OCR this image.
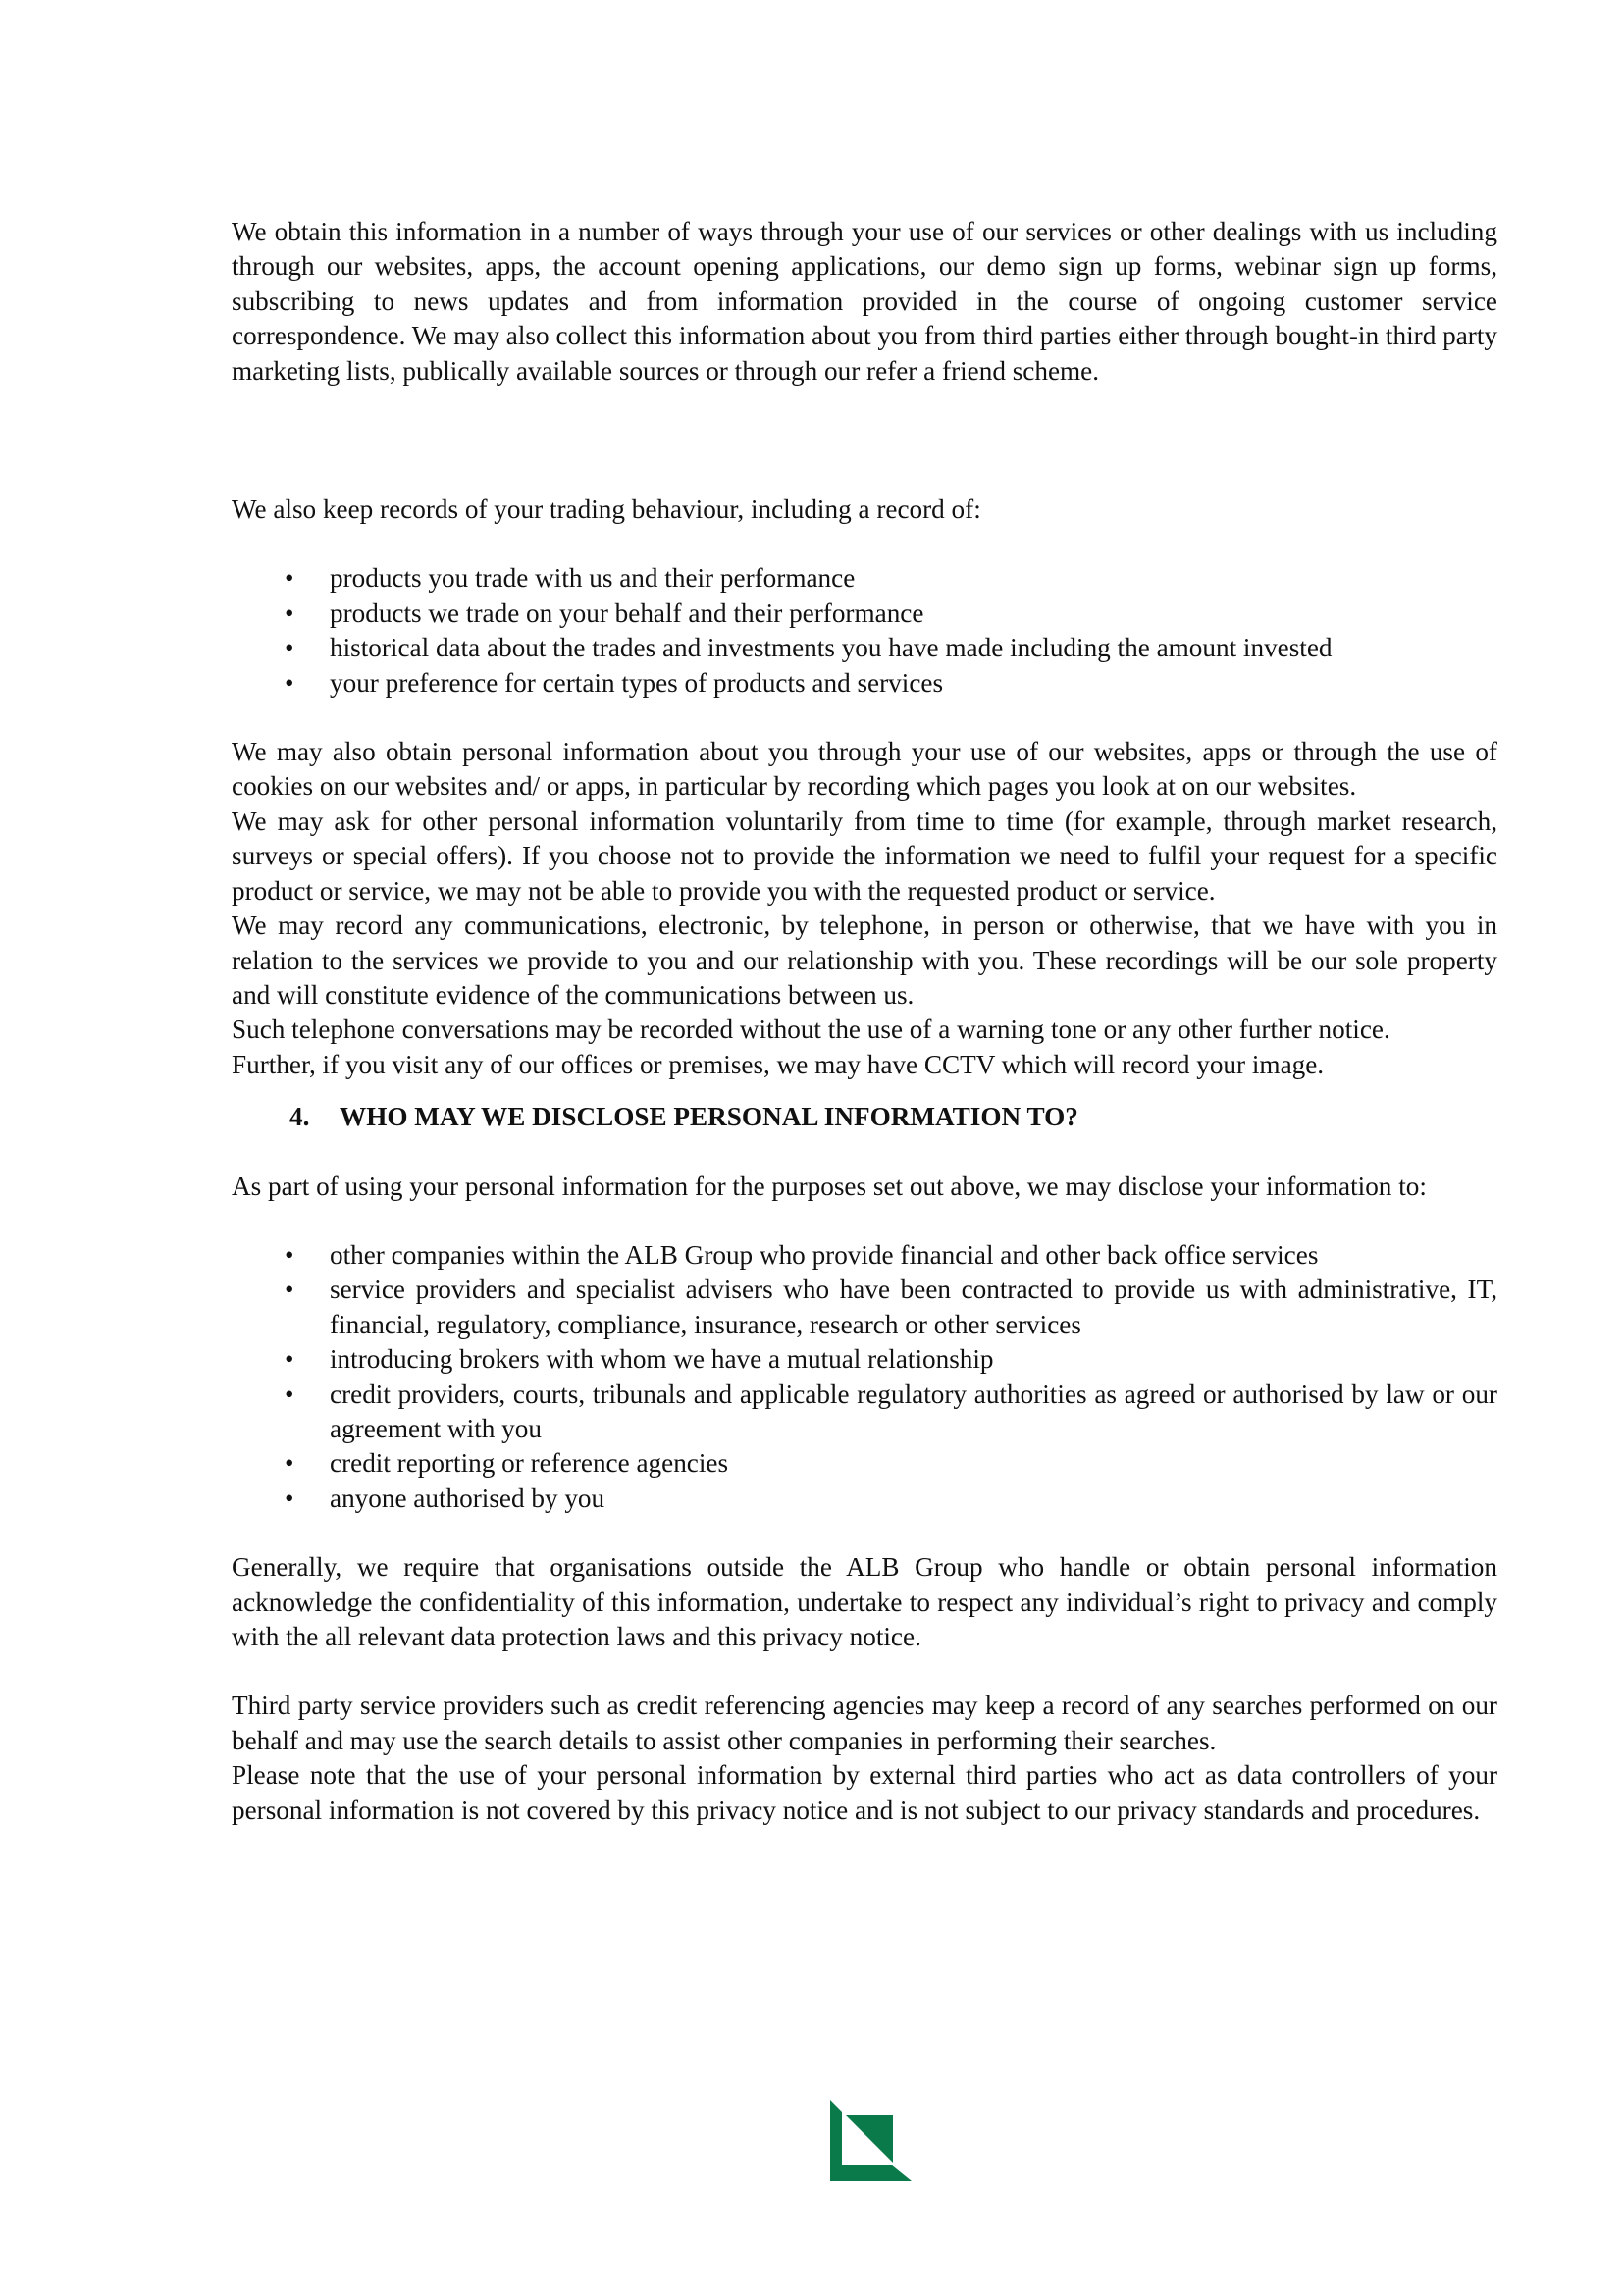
We obtain this information in a number of ways through your use of our services or other dealings with us including through our websites, apps, the account opening applications, our demo sign up forms, webinar sign up forms, subscribing to news updates and from information provided in the course of ongoing customer service correspondence. We may also collect this information about you from third parties either through bought-in third party marketing lists, publically available sources or through our refer a friend scheme.

We also keep records of your trading behaviour, including a record of:

• products you trade with us and their performance
• products we trade on your behalf and their performance
• historical data about the trades and investments you have made including the amount invested
• your preference for certain types of products and services

We may also obtain personal information about you through your use of our websites, apps or through the use of cookies on our websites and/ or apps, in particular by recording which pages you look at on our websites.

We may ask for other personal information voluntarily from time to time (for example, through market research, surveys or special offers). If you choose not to provide the information we need to fulfil your request for a specific product or service, we may not be able to provide you with the requested product or service.

We may record any communications, electronic, by telephone, in person or otherwise, that we have with you in relation to the services we provide to you and our relationship with you. These recordings will be our sole property and will constitute evidence of the communications between us.

Such telephone conversations may be recorded without the use of a warning tone or any other further notice.

Further, if you visit any of our offices or premises, we may have CCTV which will record your image.

4. WHO MAY WE DISCLOSE PERSONAL INFORMATION TO?

As part of using your personal information for the purposes set out above, we may disclose your information to:

• other companies within the ALB Group who provide financial and other back office services
• service providers and specialist advisers who have been contracted to provide us with administrative, IT, financial, regulatory, compliance, insurance, research or other services
• introducing brokers with whom we have a mutual relationship
• credit providers, courts, tribunals and applicable regulatory authorities as agreed or authorised by law or our agreement with you
• credit reporting or reference agencies
• anyone authorised by you

Generally, we require that organisations outside the ALB Group who handle or obtain personal information acknowledge the confidentiality of this information, undertake to respect any individual’s right to privacy and comply with the all relevant data protection laws and this privacy notice.

Third party service providers such as credit referencing agencies may keep a record of any searches performed on our behalf and may use the search details to assist other companies in performing their searches.

Please note that the use of your personal information by external third parties who act as data controllers of your personal information is not covered by this privacy notice and is not subject to our privacy standards and procedures.
